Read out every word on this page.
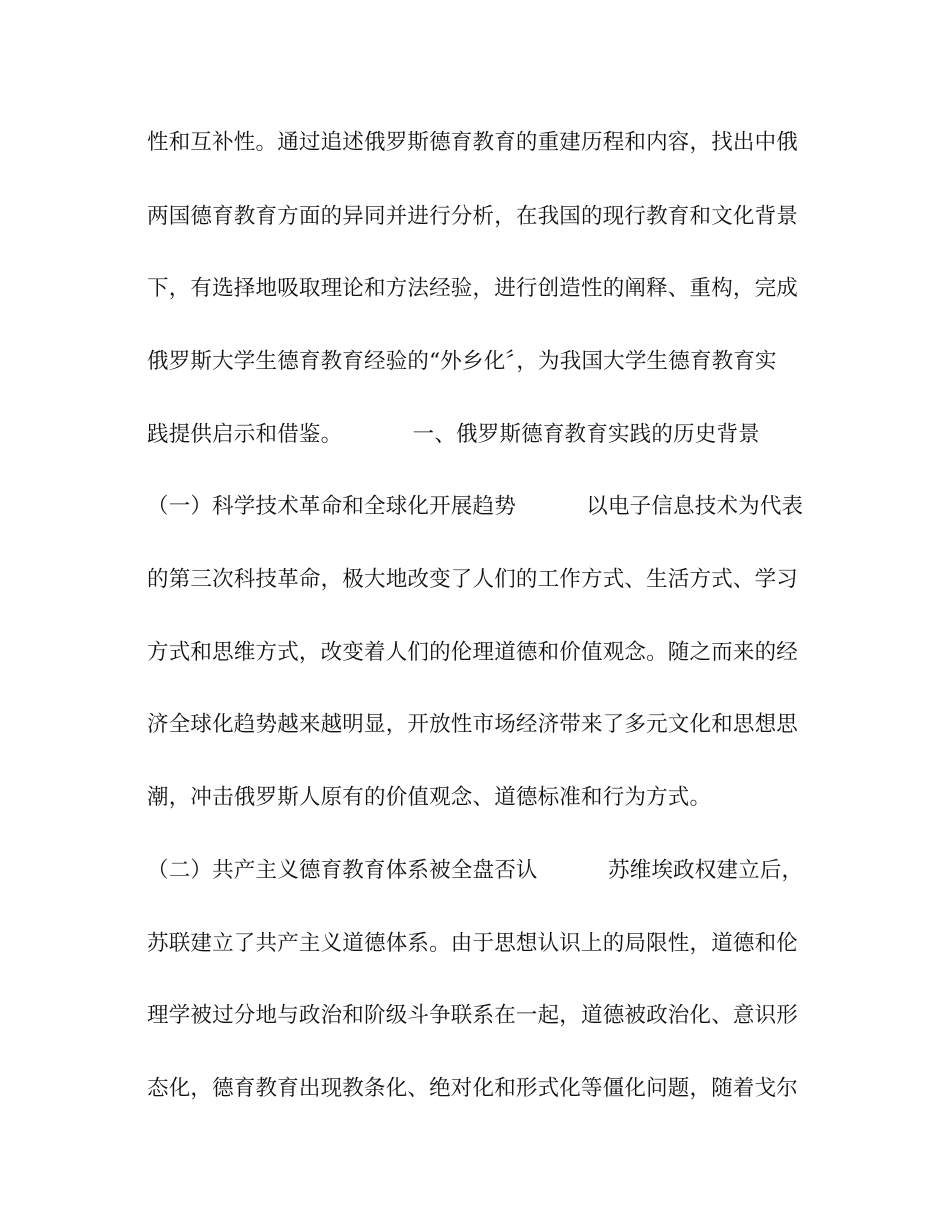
性和互补性。通过追述俄罗斯德育教育的重建历程和内容，找出中俄
两国德育教育方面的异同并进行分析，在我国的现行教育和文化背景
下，有选择地吸取理论和方法经验，进行创造性的阐释、重构，完成
俄罗斯大学生德育教育经验的“外乡化〞，为我国大学生德育教育实
践提供启示和借鉴。          一、俄罗斯德育教育实践的历史背景
（一）科学技术革命和全球化开展趋势          以电子信息技术为代表
的第三次科技革命，极大地改变了人们的工作方式、生活方式、学习
方式和思维方式，改变着人们的伦理道德和价值观念。随之而来的经
济全球化趋势越来越明显，开放性市场经济带来了多元文化和思想思
潮，冲击俄罗斯人原有的价值观念、道德标准和行为方式。
（二）共产主义德育教育体系被全盘否认          苏维埃政权建立后，
苏联建立了共产主义道德体系。由于思想认识上的局限性，道德和伦
理学被过分地与政治和阶级斗争联系在一起，道德被政治化、意识形
态化，德育教育出现教条化、绝对化和形式化等僵化问题，随着戈尔
